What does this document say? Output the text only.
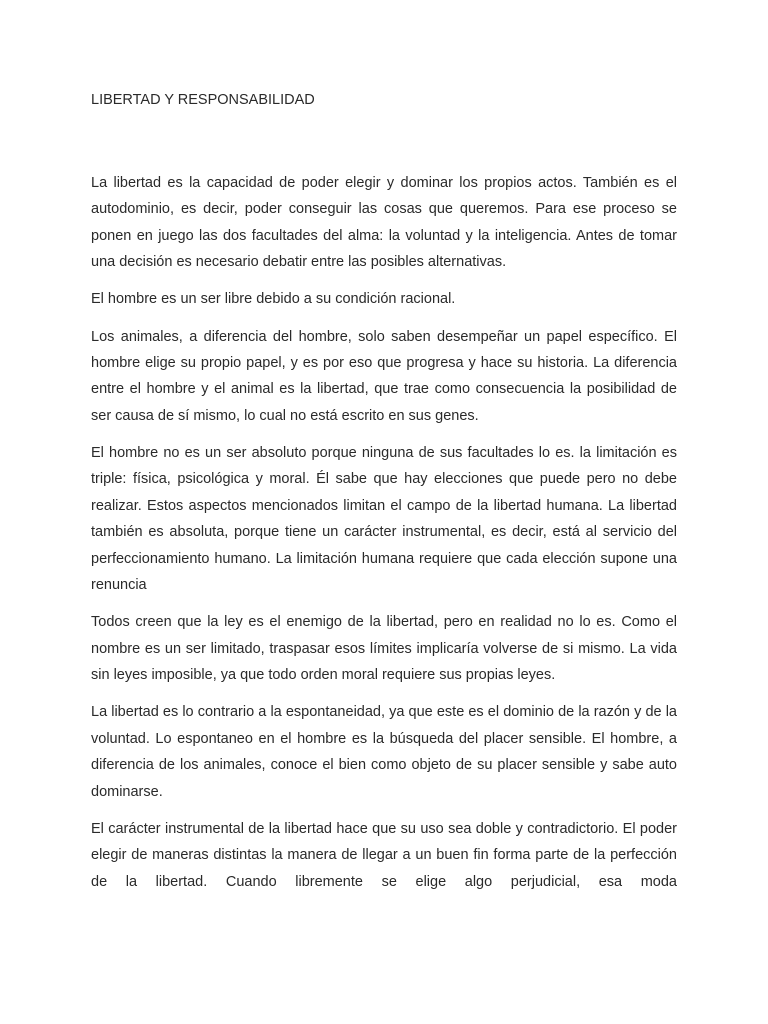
LIBERTAD Y RESPONSABILIDAD

La libertad es la capacidad de poder elegir y dominar los propios actos. También es el autodominio, es decir, poder conseguir las cosas que queremos. Para ese proceso se ponen en juego las dos facultades del alma: la voluntad y la inteligencia. Antes de tomar una decisión es necesario debatir entre las posibles alternativas.

El hombre es un ser libre debido a su condición racional.

Los animales, a diferencia del hombre, solo saben desempeñar un papel específico. El hombre elige su propio papel, y es por eso que progresa y hace su historia. La diferencia entre el hombre y el animal es la libertad, que trae como consecuencia la posibilidad de ser causa de sí mismo, lo cual no está escrito en sus genes.

El hombre no es un ser absoluto porque ninguna de sus facultades lo es. la limitación es triple: física, psicológica y moral. Él sabe que hay elecciones que puede pero no debe realizar. Estos aspectos mencionados limitan el campo de la libertad humana. La libertad también es absoluta, porque tiene un carácter instrumental, es decir, está al servicio del perfeccionamiento humano. La limitación humana requiere que cada elección supone una renuncia

Todos creen que la ley es el enemigo de la libertad, pero en realidad no lo es. Como el nombre es un ser limitado, traspasar esos límites implicaría volverse de si mismo. La vida sin leyes imposible, ya que todo orden moral requiere sus propias leyes.

La libertad es lo contrario a la espontaneidad, ya que este es el dominio de la razón y de la voluntad. Lo espontaneo en el hombre es la búsqueda del placer sensible. El hombre, a diferencia de los animales, conoce el bien como objeto de su placer sensible y sabe auto dominarse.

El carácter instrumental de la libertad hace que su uso sea doble y contradictorio. El poder elegir de maneras distintas la manera de llegar a un buen fin forma parte de la perfección de la libertad. Cuando libremente se elige algo perjudicial, esa moda
